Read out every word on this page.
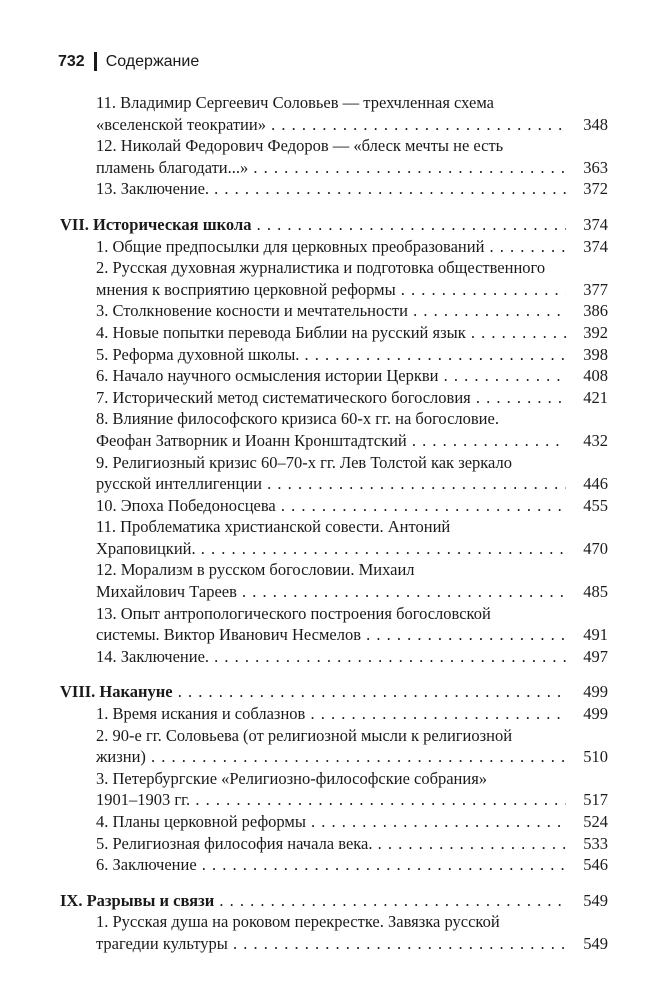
732 Содержание
11. Владимир Сергеевич Соловьев — трехчленная схема
«вселенской теократии» . . .	348
12. Николай Федорович Федоров — «блеск мечты не есть
пламень благодати...» . . .	363
13. Заключение. . . .	372
VII. Историческая школа . . .	374
1. Общие предпосылки для церковных преобразований . . .	374
2. Русская духовная журналистика и подготовка общественного
мнения к восприятию церковной реформы . . .	377
3. Столкновение косности и мечтательности . . .	386
4. Новые попытки перевода Библии на русский язык . . .	392
5. Реформа духовной школы. . . .	398
6. Начало научного осмысления истории Церкви . . .	408
7. Исторический метод систематического богословия . . .	421
8. Влияние философского кризиса 60-х гг. на богословие.
Феофан Затворник и Иоанн Кронштадтский . . .	432
9. Религиозный кризис 60–70-х гг. Лев Толстой как зеркало
русской интеллигенции . . .	446
10. Эпоха Победоносцева . . .	455
11. Проблематика христианской совести. Антоний
Храповицкий. . . .	470
12. Морализм в русском богословии. Михаил
Михайлович Тареев . . .	485
13. Опыт антропологического построения богословской
системы. Виктор Иванович Несмелов . . .	491
14. Заключение. . . .	497
VIII. Накануне . . .	499
1. Время искания и соблазнов . . .	499
2. 90-е гг. Соловьева (от религиозной мысли к религиозной
жизни) . . .	510
3. Петербургские «Религиозно-философские собрания»
1901–1903 гг. . . .	517
4. Планы церковной реформы . . .	524
5. Религиозная философия начала века. . . .	533
6. Заключение . . .	546
IX. Разрывы и связи . . .	549
1. Русская душа на роковом перекрестке. Завязка русской
трагедии культуры . . .	549
